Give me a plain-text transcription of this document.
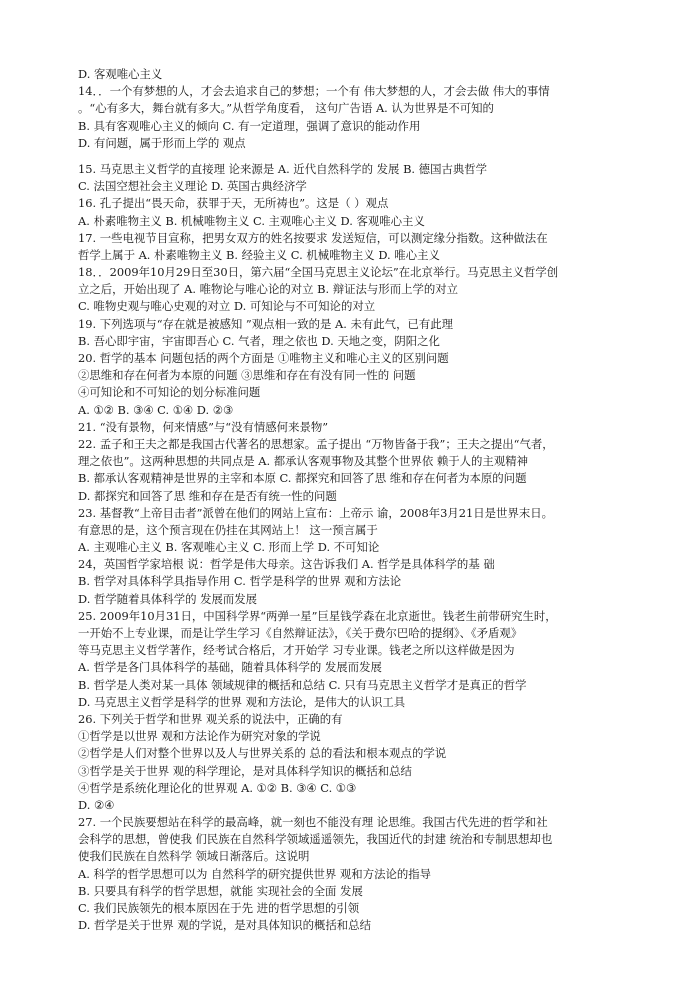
D. 客观唯心主义
14．．一个有梦想的人，才会去追求自己的梦想；一个有 伟大梦想的人，才会去做 伟大的事情
。“心有多大，舞台就有多大。”从哲学角度看， 这句广告语 A. 认为世界是不可知的
B. 具有客观唯心主义的倾向 C. 有一定道理，强调了意识的能动作用
D. 有问题，属于形而上学的 观点
15. 马克思主义哲学的直接理 论来源是 A. 近代自然科学的 发展 B. 德国古典哲学
C. 法国空想社会主义理论 D. 英国古典经济学
16. 孔子提出“畏天命，获罪于天，无所祷也”。这是（ ）观点
A. 朴素唯物主义 B. 机械唯物主义 C. 主观唯心主义 D. 客观唯心主义
17. 一些电视节目宣称，把男女双方的姓名按要求 发送短信，可以测定缘分指数。这种做法在
哲学上属于 A. 朴素唯物主义 B. 经验主义 C. 机械唯物主义 D. 唯心主义
18．．2009年10月29日至30日，第六届“全国马克思主义论坛”在北京举行。马克思主义哲学创
立之后，开始出现了 A. 唯物论与唯心论的对立 B. 辩证法与形而上学的对立
C. 唯物史观与唯心史观的对立 D. 可知论与不可知论的对立
19. 下列选项与“存在就是被感知 ”观点相一致的是 A. 未有此气，已有此理
B. 吾心即宇宙，宇宙即吾心 C. 气者，理之依也 D. 天地之变，阴阳之化
20. 哲学的基本 问题包括的两个方面是 ①唯物主义和唯心主义的区别问题
②思维和存在何者为本原的问题 ③思维和存在有没有同一性的 问题
④可知论和不可知论的划分标准问题
A. ①② B. ③④ C. ①④ D. ②③
21. “没有景物，何来情感”与“没有情感何来景物”
22. 孟子和王夫之都是我国古代著名的思想家。孟子提出 “万物皆备于我”；王夫之提出“气者，
理之依也”。这两种思想的共同点是 A. 都承认客观事物及其整个世界依 赖于人的主观精神
B. 都承认客观精神是世界的主宰和本原 C. 都探究和回答了思 维和存在何者为本原的问题
D. 都探究和回答了思 维和存在是否有统一性的问题
23. 基督教“上帝目击者”派曾在他们的网站上宣布：上帝示 谕，2008年3月21日是世界末日。
有意思的是，这个预言现在仍挂在其网站上！ 这一预言属于
A. 主观唯心主义 B. 客观唯心主义 C. 形而上学 D. 不可知论
24，英国哲学家培根 说：哲学是伟大母亲。这告诉我们 A. 哲学是具体科学的基 础
B. 哲学对具体科学具指导作用 C. 哲学是科学的世界 观和方法论
D. 哲学随着具体科学的 发展而发展
25. 2009年10月31日，中国科学界“两弹一星”巨星钱学森在北京逝世。钱老生前带研究生时，
一开始不上专业课，而是让学生学习《自然辩证法》，《关于费尔巴哈的提纲》、《矛盾观》
等马克思主义哲学著作，经考试合格后，才开始学 习专业课。钱老之所以这样做是因为
A. 哲学是各门具体科学的基础，随着具体科学的 发展而发展
B. 哲学是人类对某一具体 领域规律的概括和总结 C. 只有马克思主义哲学才是真正的哲学
D. 马克思主义哲学是科学的世界 观和方法论，是伟大的认识工具
26. 下列关于哲学和世界 观关系的说法中，正确的有
①哲学是以世界 观和方法论作为研究对象的学说
②哲学是人们对整个世界以及人与世界关系的 总的看法和根本观点的学说
③哲学是关于世界 观的科学理论，是对具体科学知识的概括和总结
④哲学是系统化理论化的世界观 A. ①② B. ③④ C. ①③
D. ②④
27. 一个民族要想站在科学的最高峰，就一刻也不能没有理 论思维。我国古代先进的哲学和社
会科学的思想，曾使我 们民族在自然科学领域遥遥领先，我国近代的封建 统治和专制思想却也
使我们民族在自然科学 领域日渐落后。这说明
A. 科学的哲学思想可以为 自然科学的研究提供世界 观和方法论的指导
B. 只要具有科学的哲学思想，就能 实现社会的全面 发展
C. 我们民族领先的根本原因在于先 进的哲学思想的引领
D. 哲学是关于世界 观的学说，是对具体知识的概括和总结
